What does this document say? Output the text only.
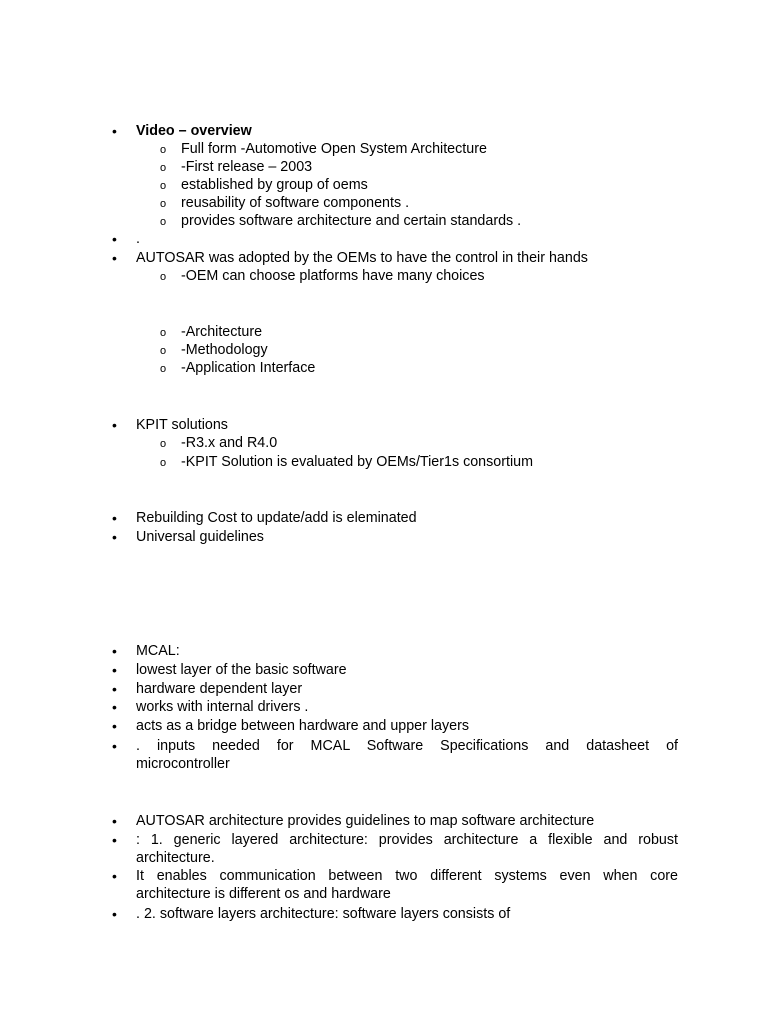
• Video – overview
o Full form -Automotive Open System Architecture
o -First release – 2003
o established by group of oems
o reusability of software components .
o provides software architecture and certain standards .
• .
• AUTOSAR was adopted by the OEMs to have the control in their hands
o -OEM can choose platforms have many choices
o -Architecture
o -Methodology
o -Application Interface
• KPIT solutions
o -R3.x and R4.0
o -KPIT Solution is evaluated by OEMs/Tier1s consortium
• Rebuilding Cost to update/add is eleminated
• Universal guidelines
• MCAL:
• lowest layer of the basic software
• hardware dependent layer
• works with internal drivers .
• acts as a bridge between hardware and upper layers
• . inputs needed for MCAL Software Specifications and datasheet of
microcontroller
• AUTOSAR architecture provides guidelines to map software architecture
• : 1. generic layered architecture: provides architecture a flexible and robust
architecture.
• It enables communication between two different systems even when core
architecture is different os and hardware
• . 2. software layers architecture: software layers consists of
